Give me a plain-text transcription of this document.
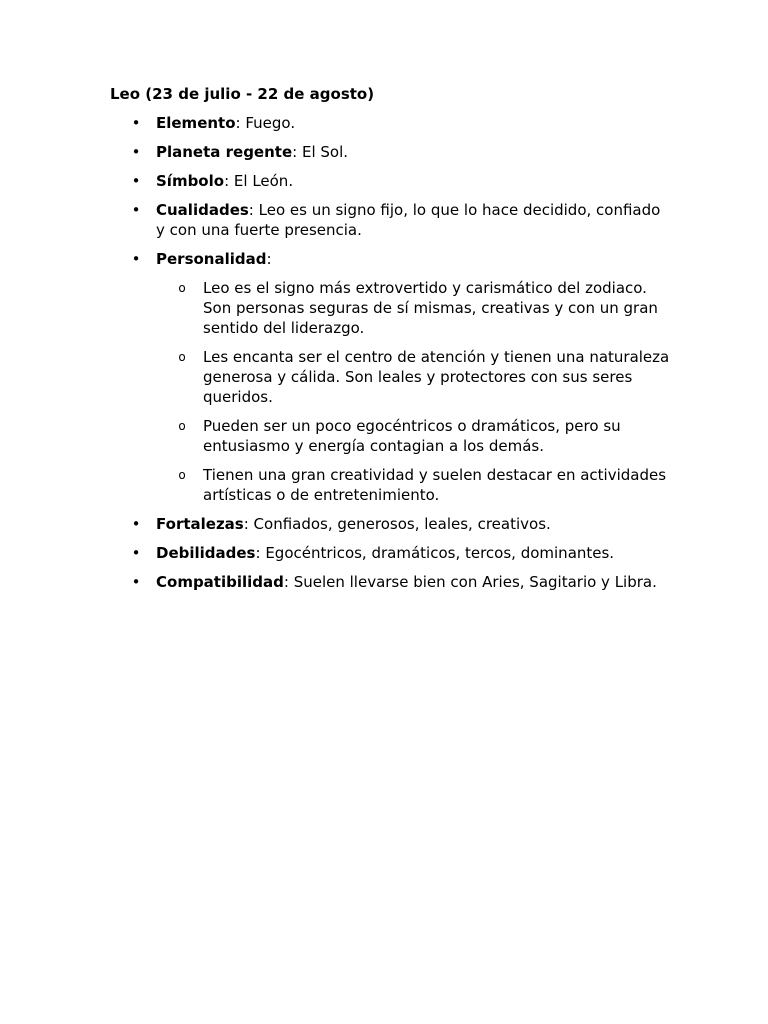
Leo (23 de julio - 22 de agosto)
• Elemento: Fuego.
• Planeta regente: El Sol.
• Símbolo: El León.
• Cualidades: Leo es un signo fijo, lo que lo hace decidido, confiado y con una fuerte presencia.
• Personalidad:
o Leo es el signo más extrovertido y carismático del zodiaco. Son personas seguras de sí mismas, creativas y con un gran sentido del liderazgo.
o Les encanta ser el centro de atención y tienen una naturaleza generosa y cálida. Son leales y protectores con sus seres queridos.
o Pueden ser un poco egocéntricos o dramáticos, pero su entusiasmo y energía contagian a los demás.
o Tienen una gran creatividad y suelen destacar en actividades artísticas o de entretenimiento.
• Fortalezas: Confiados, generosos, leales, creativos.
• Debilidades: Egocéntricos, dramáticos, tercos, dominantes.
• Compatibilidad: Suelen llevarse bien con Aries, Sagitario y Libra.
